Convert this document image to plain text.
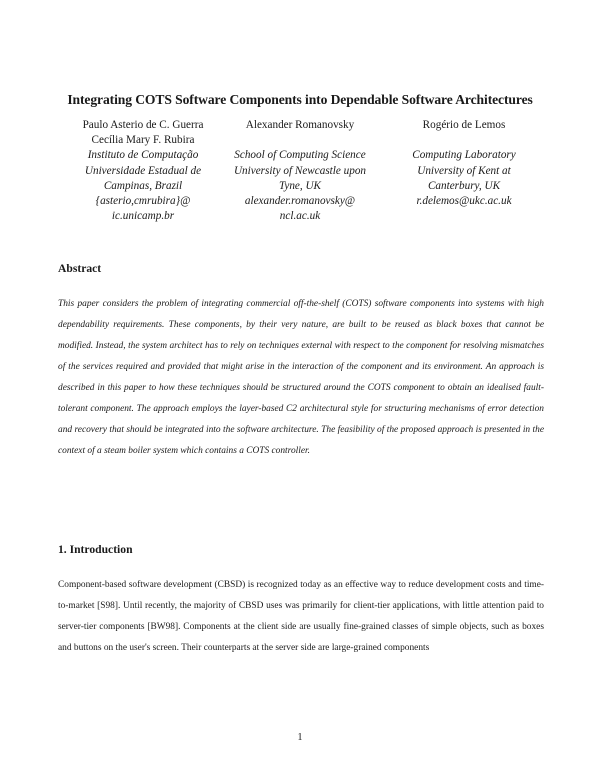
Integrating COTS Software Components into Dependable Software Architectures
Paulo Asterio de C. Guerra
Cecília Mary F. Rubira
Instituto de Computação
Universidade Estadual de
Campinas, Brazil
{asterio,cmrubira}@
ic.unicamp.br
Alexander Romanovsky
School of Computing Science
University of Newcastle upon
Tyne, UK
alexander.romanovsky@
ncl.ac.uk
Rogério de Lemos
Computing Laboratory
University of Kent at
Canterbury, UK
r.delemos@ukc.ac.uk
Abstract
This paper considers the problem of integrating commercial off-the-shelf (COTS) software components into systems with high dependability requirements. These components, by their very nature, are built to be reused as black boxes that cannot be modified. Instead, the system architect has to rely on techniques external with respect to the component for resolving mismatches of the services required and provided that might arise in the interaction of the component and its environment. An approach is described in this paper to how these techniques should be structured around the COTS component to obtain an idealised fault-tolerant component. The approach employs the layer-based C2 architectural style for structuring mechanisms of error detection and recovery that should be integrated into the software architecture. The feasibility of the proposed approach is presented in the context of a steam boiler system which contains a COTS controller.
1. Introduction
Component-based software development (CBSD) is recognized today as an effective way to reduce development costs and time-to-market [S98]. Until recently, the majority of CBSD uses was primarily for client-tier applications, with little attention paid to server-tier components [BW98]. Components at the client side are usually fine-grained classes of simple objects, such as boxes and buttons on the user's screen. Their counterparts at the server side are large-grained components
1
